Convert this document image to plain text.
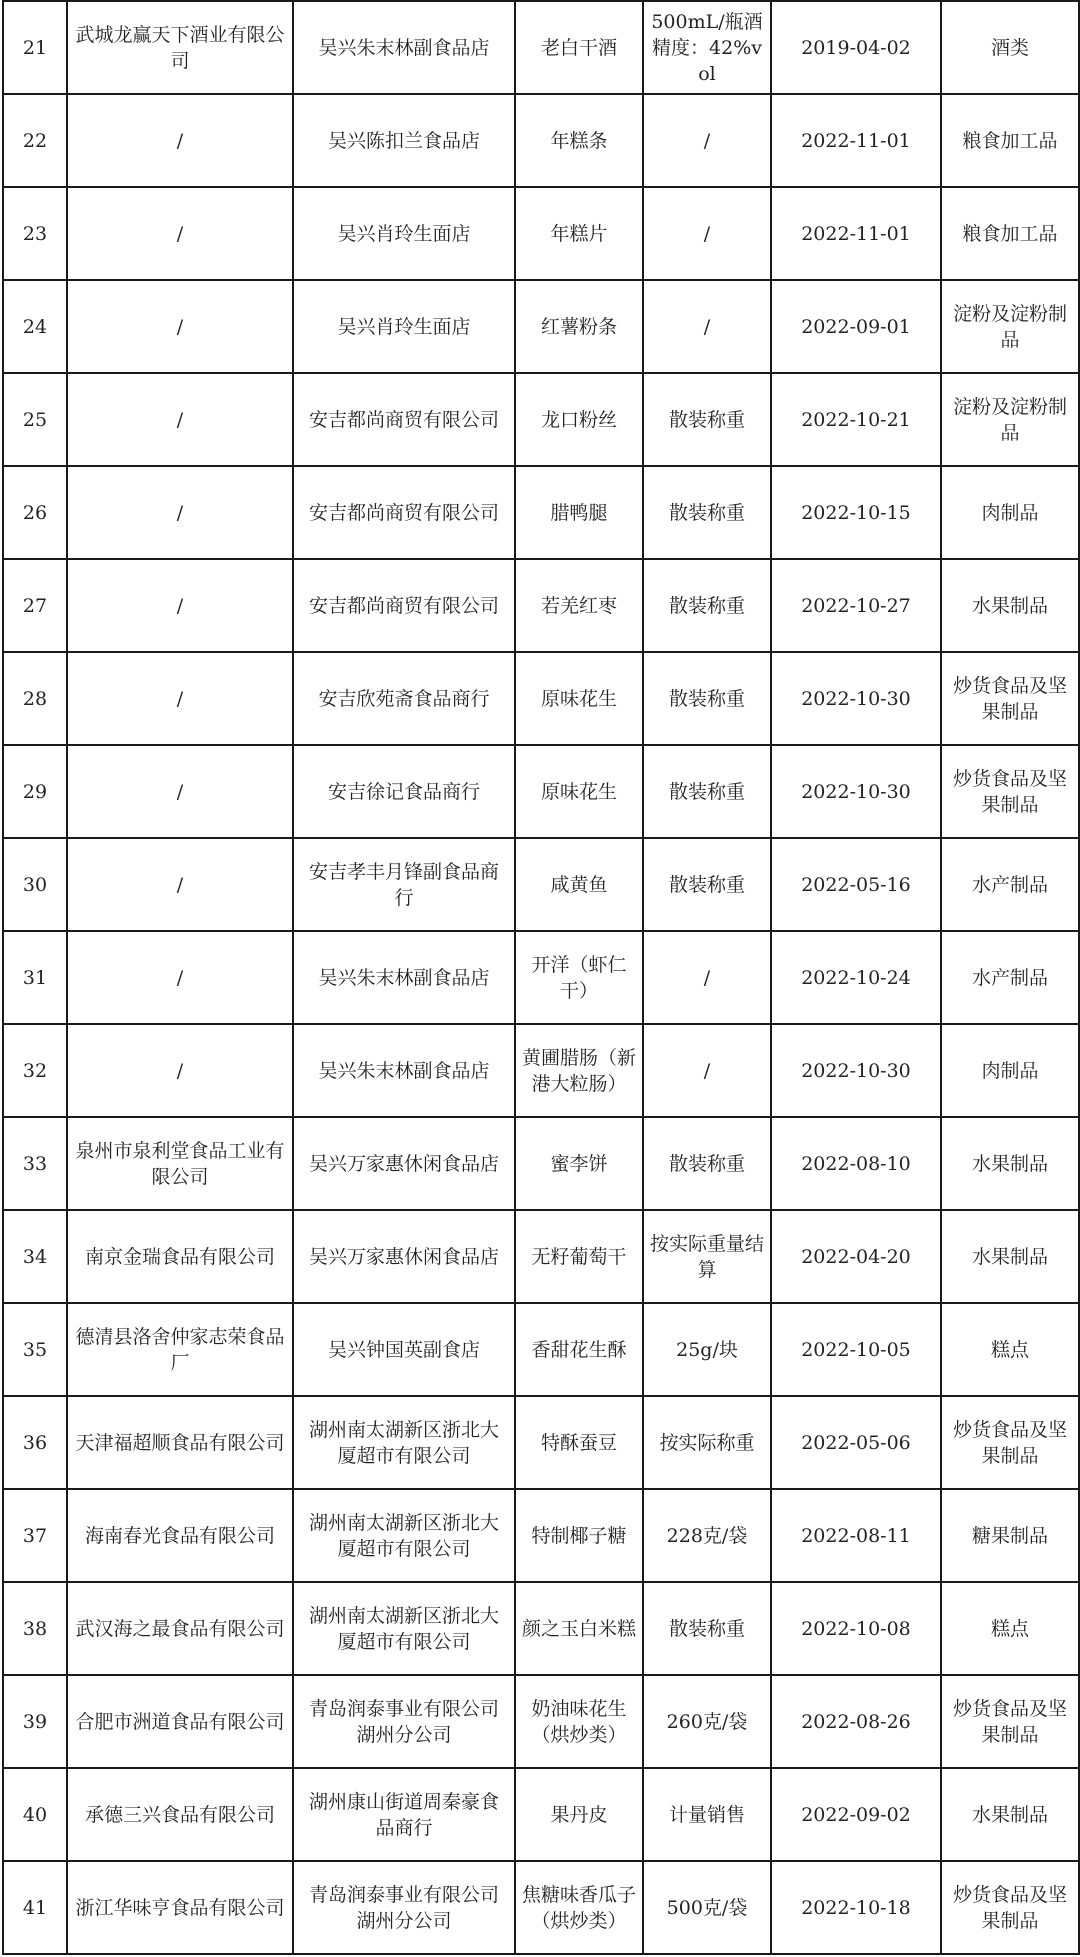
21	武城龙赢天下酒业有限公司	吴兴朱末林副食品店	老白干酒	500mL/瓶酒精度：42%vol	2019-04-02	酒类
22	/	吴兴陈扣兰食品店	年糕条	/	2022-11-01	粮食加工品
23	/	吴兴肖玲生面店	年糕片	/	2022-11-01	粮食加工品
24	/	吴兴肖玲生面店	红薯粉条	/	2022-09-01	淀粉及淀粉制品
25	/	安吉都尚商贸有限公司	龙口粉丝	散装称重	2022-10-21	淀粉及淀粉制品
26	/	安吉都尚商贸有限公司	腊鸭腿	散装称重	2022-10-15	肉制品
27	/	安吉都尚商贸有限公司	若羌红枣	散装称重	2022-10-27	水果制品
28	/	安吉欣苑斋食品商行	原味花生	散装称重	2022-10-30	炒货食品及坚果制品
29	/	安吉徐记食品商行	原味花生	散装称重	2022-10-30	炒货食品及坚果制品
30	/	安吉孝丰月锋副食品商行	咸黄鱼	散装称重	2022-05-16	水产制品
31	/	吴兴朱末林副食品店	开洋（虾仁干）	/	2022-10-24	水产制品
32	/	吴兴朱末林副食品店	黄圃腊肠（新港大粒肠）	/	2022-10-30	肉制品
33	泉州市泉利堂食品工业有限公司	吴兴万家惠休闲食品店	蜜李饼	散装称重	2022-08-10	水果制品
34	南京金瑞食品有限公司	吴兴万家惠休闲食品店	无籽葡萄干	按实际重量结算	2022-04-20	水果制品
35	德清县洛舍仲家志荣食品厂	吴兴钟国英副食店	香甜花生酥	25g/块	2022-10-05	糕点
36	天津福超顺食品有限公司	湖州南太湖新区浙北大厦超市有限公司	特酥蚕豆	按实际称重	2022-05-06	炒货食品及坚果制品
37	海南春光食品有限公司	湖州南太湖新区浙北大厦超市有限公司	特制椰子糖	228克/袋	2022-08-11	糖果制品
38	武汉海之最食品有限公司	湖州南太湖新区浙北大厦超市有限公司	颜之玉白米糕	散装称重	2022-10-08	糕点
39	合肥市洲道食品有限公司	青岛润泰事业有限公司湖州分公司	奶油味花生（烘炒类）	260克/袋	2022-08-26	炒货食品及坚果制品
40	承德三兴食品有限公司	湖州康山街道周秦豪食品商行	果丹皮	计量销售	2022-09-02	水果制品
41	浙江华味亨食品有限公司	青岛润泰事业有限公司湖州分公司	焦糖味香瓜子（烘炒类）	500克/袋	2022-10-18	炒货食品及坚果制品
